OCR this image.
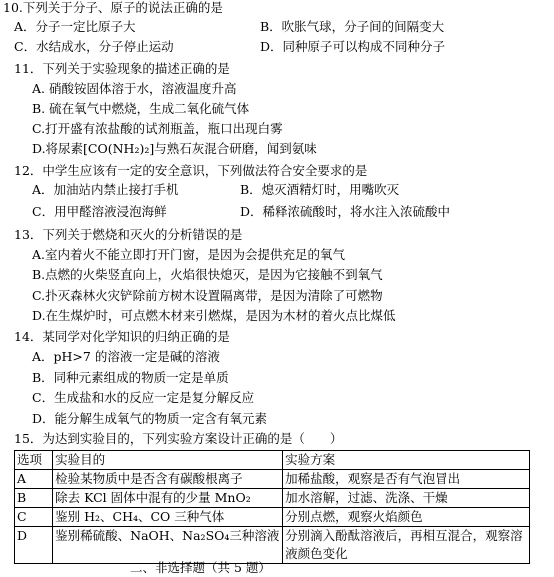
10.下列关于分子、原子的说法正确的是
A．分子一定比原子大	B．吹胀气球，分子间的间隔变大
C．水结成水，分子停止运动	D．同种原子可以构成不同种分子
11．下列关于实验现象的描述正确的是
A. 硝酸铵固体溶于水，溶液温度升高
B. 硫在氧气中燃烧，生成二氧化硫气体
C.打开盛有浓盐酸的试剂瓶盖，瓶口出现白雾
D.将尿素[CO(NH₂)₂]与熟石灰混合研磨，闻到氨味
12．中学生应该有一定的安全意识，下列做法符合安全要求的是
A．加油站内禁止接打手机	B．熄灭酒精灯时，用嘴吹灭
C．用甲醛溶液浸泡海鲜	D．稀释浓硫酸时，将水注入浓硫酸中
13．下列关于燃烧和灭火的分析错误的是
A.室内着火不能立即打开门窗，是因为会提供充足的氧气
B.点燃的火柴竖直向上，火焰很快熄灭，是因为它接触不到氧气
C.扑灭森林火灾铲除前方树木设置隔离带，是因为清除了可燃物
D.在生煤炉时，可点燃木材来引燃煤，是因为木材的着火点比煤低
14．某同学对化学知识的归纳正确的是
A．pH>7 的溶液一定是碱的溶液
B．同种元素组成的物质一定是单质
C．生成盐和水的反应一定是复分解反应
D．能分解生成氧气的物质一定含有氧元素
15．为达到实验目的，下列实验方案设计正确的是（　　）
选项	实验目的	实验方案
A	检验某物质中是否含有碳酸根离子	加稀盐酸，观察是否有气泡冒出
B	除去 KCl 固体中混有的少量 MnO₂	加水溶解，过滤、洗涤、干燥
C	鉴别 H₂、CH₄、CO 三种气体	分别点燃，观察火焰颜色
D	鉴别稀硫酸、NaOH、Na₂SO₄三种溶液	分别滴入酚酞溶液后，再相互混合，观察溶液颜色变化
二、非选择题（共 5 题）
